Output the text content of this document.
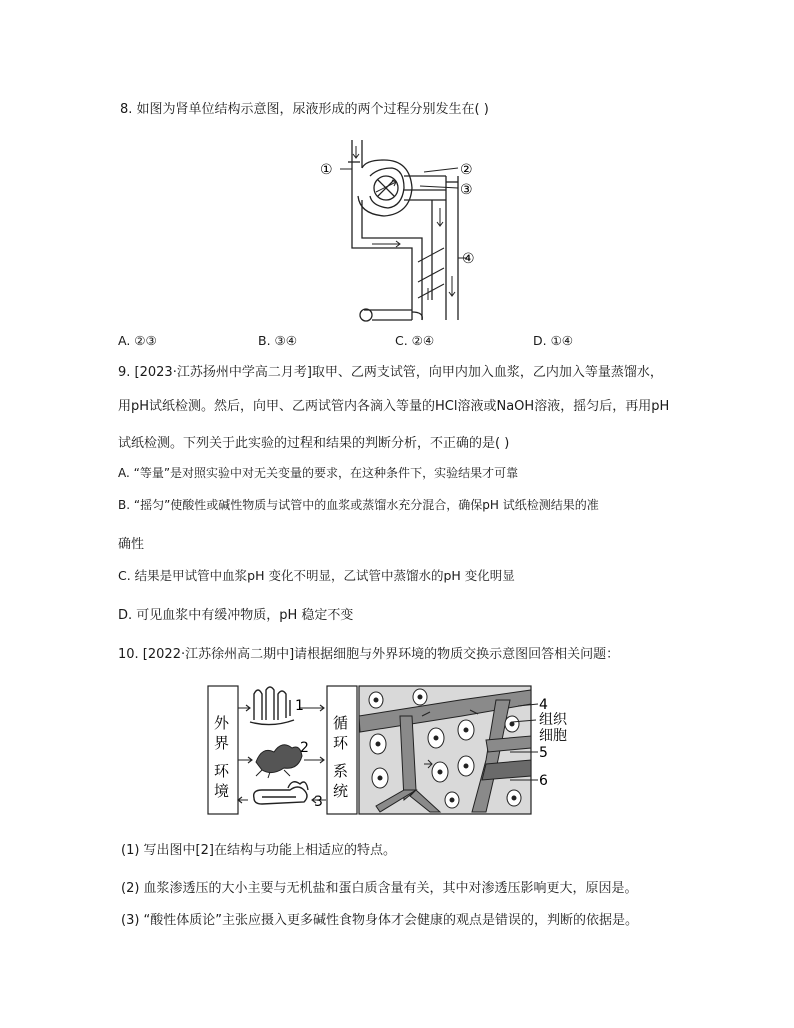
8. 如图为肾单位结构示意图，尿液形成的两个过程分别发生在( )
①	②
③
④
A. ②③	B. ③④	C. ②④	D. ①④
9. [2023·江苏扬州中学高二月考]取甲、乙两支试管，向甲内加入血浆，乙内加入等量蒸馏水，
用pH试纸检测。然后，向甲、乙两试管内各滴入等量的HCl溶液或NaOH溶液，摇匀后，再用pH
试纸检测。下列关于此实验的过程和结果的判断分析，不正确的是( )
A. “等量”是对照实验中对无关变量的要求，在这种条件下，实验结果才可靠
B. “摇匀”使酸性或碱性物质与试管中的血浆或蒸馏水充分混合，确保pH 试纸检测结果的准
确性
C. 结果是甲试管中血浆pH 变化不明显，乙试管中蒸馏水的pH 变化明显
D. 可见血浆中有缓冲物质，pH 稳定不变
10. [2022·江苏徐州高二期中]请根据细胞与外界环境的物质交换示意图回答相关问题：
外
界
环
境
1
2
3
循
环
系
统
4
组织
细胞
5
6
(1) 写出图中[2]在结构与功能上相适应的特点。
(2) 血浆渗透压的大小主要与无机盐和蛋白质含量有关，其中对渗透压影响更大，原因是。
(3) “酸性体质论”主张应摄入更多碱性食物身体才会健康的观点是错误的，判断的依据是。
